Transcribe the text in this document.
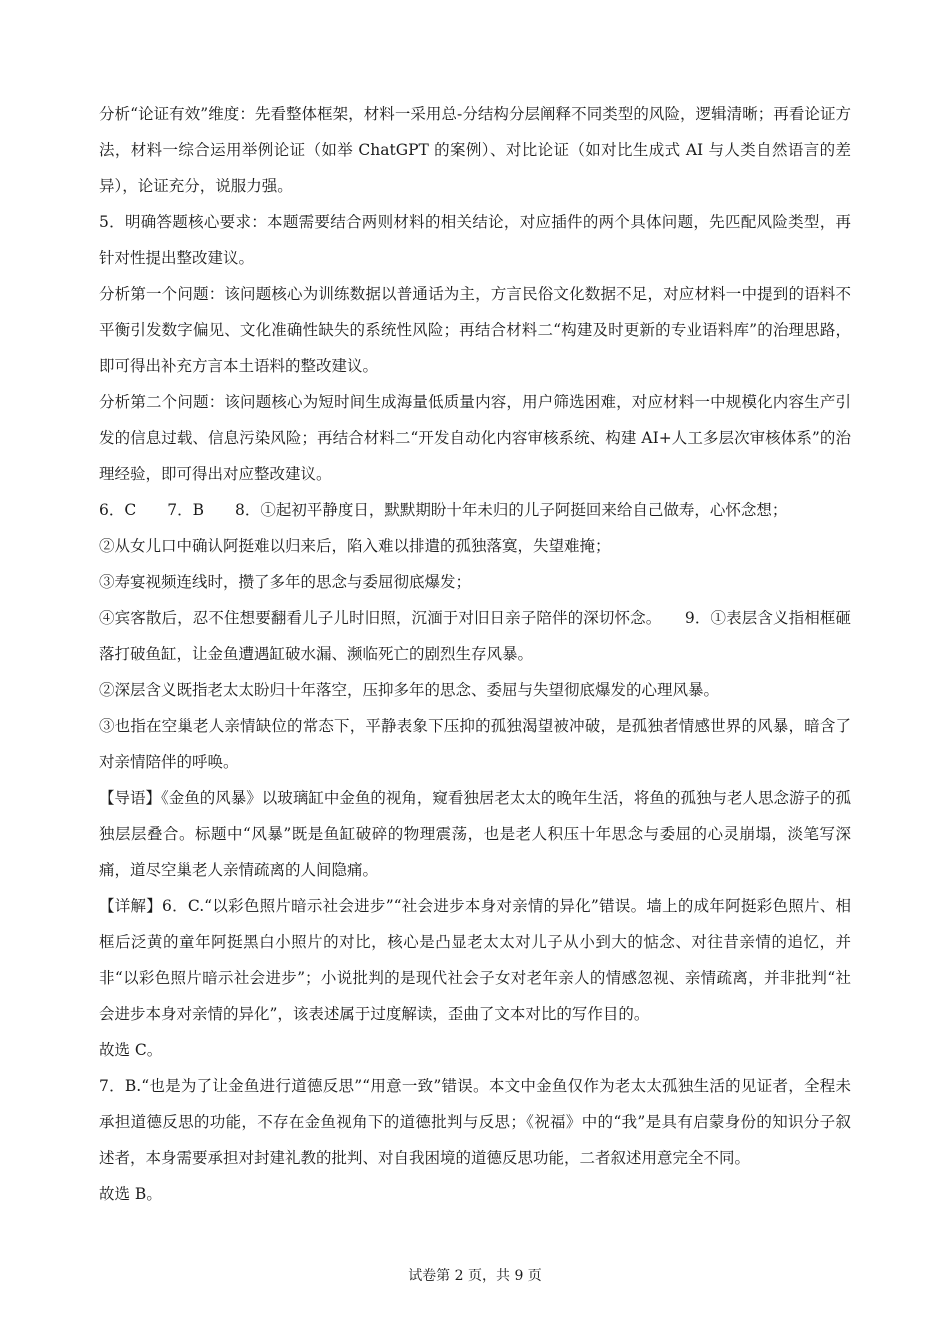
分析“论证有效”维度：先看整体框架，材料一采用总-分结构分层阐释不同类型的风险，逻辑清晰；再看论证方法，材料一综合运用举例论证（如举 ChatGPT 的案例）、对比论证（如对比生成式 AI 与人类自然语言的差异），论证充分，说服力强。

5．明确答题核心要求：本题需要结合两则材料的相关结论，对应插件的两个具体问题，先匹配风险类型，再针对性提出整改建议。

分析第一个问题：该问题核心为训练数据以普通话为主，方言民俗文化数据不足，对应材料一中提到的语料不平衡引发数字偏见、文化准确性缺失的系统性风险；再结合材料二“构建及时更新的专业语料库”的治理思路，即可得出补充方言本土语料的整改建议。

分析第二个问题：该问题核心为短时间生成海量低质量内容，用户筛选困难，对应材料一中规模化内容生产引发的信息过载、信息污染风险；再结合材料二“开发自动化内容审核系统、构建 AI+人工多层次审核体系”的治理经验，即可得出对应整改建议。

6．C　　7．B　　8．①起初平静度日，默默期盼十年未归的儿子阿挺回来给自己做寿，心怀念想；

②从女儿口中确认阿挺难以归来后，陷入难以排遣的孤独落寞，失望难掩；

③寿宴视频连线时，攒了多年的思念与委屈彻底爆发；

④宾客散后，忍不住想要翻看儿子儿时旧照，沉湎于对旧日亲子陪伴的深切怀念。　　9．①表层含义指相框砸落打破鱼缸，让金鱼遭遇缸破水漏、濒临死亡的剧烈生存风暴。

②深层含义既指老太太盼归十年落空，压抑多年的思念、委屈与失望彻底爆发的心理风暴。

③也指在空巢老人亲情缺位的常态下，平静表象下压抑的孤独渴望被冲破，是孤独者情感世界的风暴，暗含了对亲情陪伴的呼唤。

【导语】《金鱼的风暴》以玻璃缸中金鱼的视角，窥看独居老太太的晚年生活，将鱼的孤独与老人思念游子的孤独层层叠合。标题中“风暴”既是鱼缸破碎的物理震荡，也是老人积压十年思念与委屈的心灵崩塌，淡笔写深痛，道尽空巢老人亲情疏离的人间隐痛。

【详解】6．C.“以彩色照片暗示社会进步”“社会进步本身对亲情的异化”错误。墙上的成年阿挺彩色照片、相框后泛黄的童年阿挺黑白小照片的对比，核心是凸显老太太对儿子从小到大的惦念、对往昔亲情的追忆，并非“以彩色照片暗示社会进步”；小说批判的是现代社会子女对老年亲人的情感忽视、亲情疏离，并非批判“社会进步本身对亲情的异化”，该表述属于过度解读，歪曲了文本对比的写作目的。

故选 C。

7．B.“也是为了让金鱼进行道德反思”“用意一致”错误。本文中金鱼仅作为老太太孤独生活的见证者，全程未承担道德反思的功能，不存在金鱼视角下的道德批判与反思；《祝福》中的“我”是具有启蒙身份的知识分子叙述者，本身需要承担对封建礼教的批判、对自我困境的道德反思功能，二者叙述用意完全不同。

故选 B。

试卷第 2 页，共 9 页
